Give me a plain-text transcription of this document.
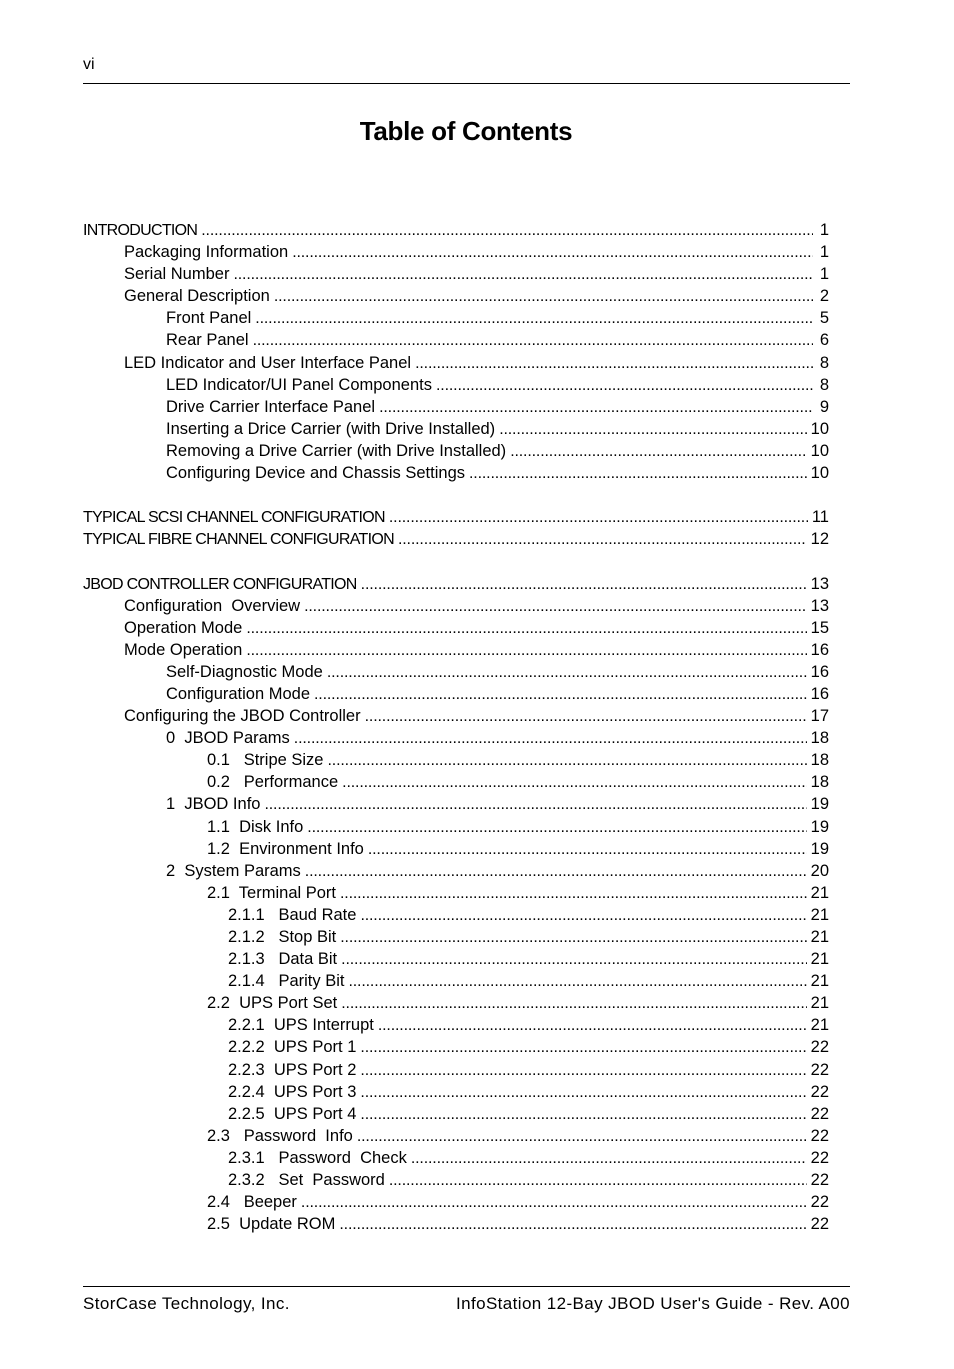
vi
Table of Contents
INTRODUCTION . . .	1
Packaging Information . . .	1
Serial Number . . .	1
General Description . . .	2
Front Panel . . .	5
Rear Panel . . .	6
LED Indicator and User Interface Panel . . .	8
LED Indicator/UI Panel Components . . .	8
Drive Carrier Interface Panel . . .	9
Inserting a Drice Carrier (with Drive Installed) . . .	10
Removing a Drive Carrier (with Drive Installed) . . .	10
Configuring Device and Chassis Settings . . .	10
TYPICAL SCSI CHANNEL CONFIGURATION . . .	11
TYPICAL FIBRE CHANNEL CONFIGURATION . . .	12
JBOD CONTROLLER CONFIGURATION . . .	13
Configuration  Overview . . .	13
Operation Mode . . .	15
Mode Operation . . .	16
Self-Diagnostic Mode . . .	16
Configuration Mode . . .	16
Configuring the JBOD Controller . . .	17
0  JBOD Params . . .	18
0.1   Stripe Size . . .	18
0.2   Performance . . .	18
1  JBOD Info . . .	19
1.1  Disk Info . . .	19
1.2  Environment Info . . .	19
2  System Params . . .	20
2.1  Terminal Port . . .	21
2.1.1   Baud Rate . . .	21
2.1.2   Stop Bit . . .	21
2.1.3   Data Bit . . .	21
2.1.4   Parity Bit . . .	21
2.2  UPS Port Set . . .	21
2.2.1  UPS Interrupt . . .	21
2.2.2  UPS Port 1 . . .	22
2.2.3  UPS Port 2 . . .	22
2.2.4  UPS Port 3 . . .	22
2.2.5  UPS Port 4 . . .	22
2.3   Password  Info . . .	22
2.3.1   Password  Check . . .	22
2.3.2   Set  Password . . .	22
2.4   Beeper . . .	22
2.5  Update ROM . . .	22
StorCase Technology, Inc.	InfoStation 12-Bay JBOD User's Guide - Rev. A00
